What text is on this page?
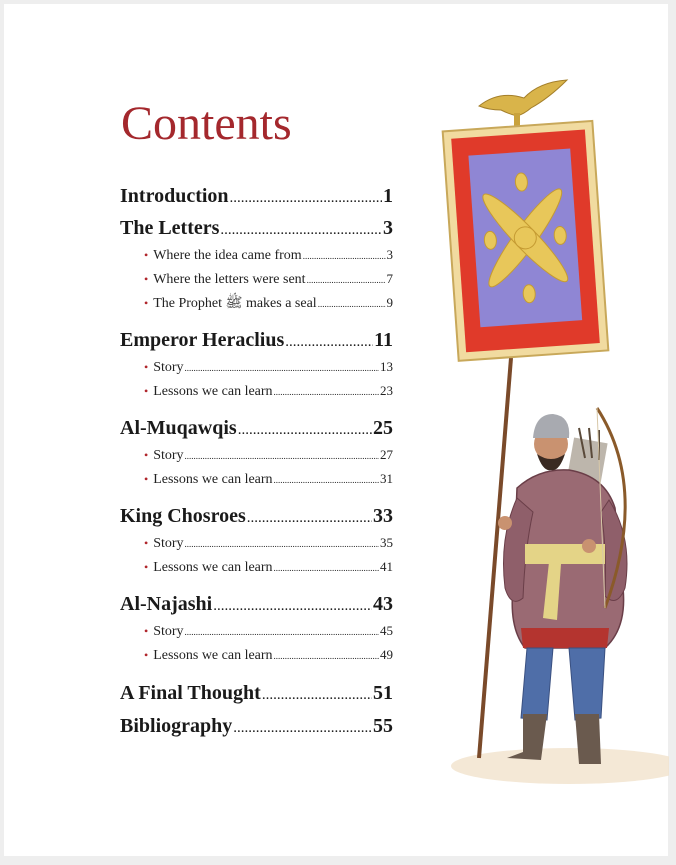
Contents
Introduction .....	1
The Letters .....	3
• Where the idea came from .....	3
• Where the letters were sent .....	7
• The Prophet ﷺ makes a seal .....	9
Emperor Heraclius .....	11
• Story .....	13
• Lessons we can learn .....	23
Al-Muqawqis .....	25
• Story .....	27
• Lessons we can learn .....	31
King Chosroes .....	33
• Story .....	35
• Lessons we can learn .....	41
Al-Najashi .....	43
• Story .....	45
• Lessons we can learn .....	49
A Final Thought .....	51
Bibliography .....	55
